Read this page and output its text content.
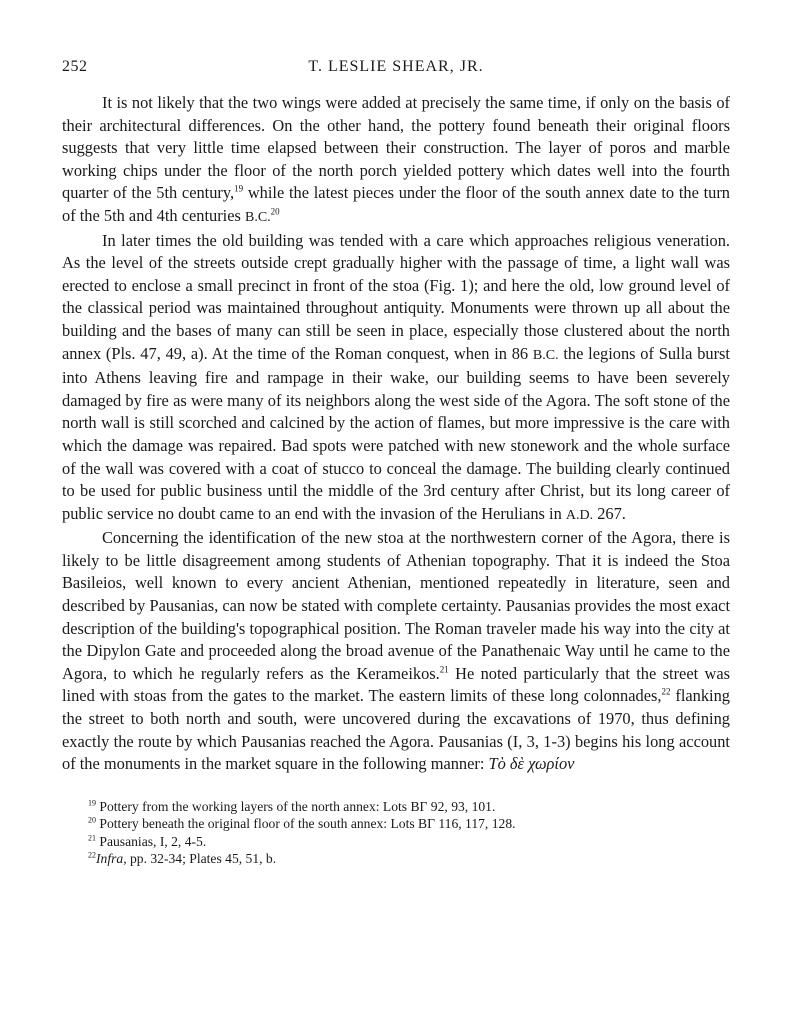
252	T. LESLIE SHEAR, JR.

It is not likely that the two wings were added at precisely the same time, if only on the basis of their architectural differences. On the other hand, the pottery found beneath their original floors suggests that very little time elapsed between their construction. The layer of poros and marble working chips under the floor of the north porch yielded pottery which dates well into the fourth quarter of the 5th century,$^{19}$ while the latest pieces under the floor of the south annex date to the turn of the 5th and 4th centuries B.C.$^{20}$

In later times the old building was tended with a care which approaches religious veneration. As the level of the streets outside crept gradually higher with the passage of time, a light wall was erected to enclose a small precinct in front of the stoa (Fig. 1); and here the old, low ground level of the classical period was maintained throughout antiquity. Monuments were thrown up all about the building and the bases of many can still be seen in place, especially those clustered about the north annex (Pls. 47, 49, a). At the time of the Roman conquest, when in 86 B.C. the legions of Sulla burst into Athens leaving fire and rampage in their wake, our building seems to have been severely damaged by fire as were many of its neighbors along the west side of the Agora. The soft stone of the north wall is still scorched and calcined by the action of flames, but more impressive is the care with which the damage was repaired. Bad spots were patched with new stonework and the whole surface of the wall was covered with a coat of stucco to conceal the damage. The building clearly continued to be used for public business until the middle of the 3rd century after Christ, but its long career of public service no doubt came to an end with the invasion of the Herulians in A.D. 267.

Concerning the identification of the new stoa at the northwestern corner of the Agora, there is likely to be little disagreement among students of Athenian topography. That it is indeed the Stoa Basileios, well known to every ancient Athenian, mentioned repeatedly in literature, seen and described by Pausanias, can now be stated with complete certainty. Pausanias provides the most exact description of the building's topographical position. The Roman traveler made his way into the city at the Dipylon Gate and proceeded along the broad avenue of the Panathenaic Way until he came to the Agora, to which he regularly refers as the Kerameikos.$^{21}$ He noted particularly that the street was lined with stoas from the gates to the market. The eastern limits of these long colonnades,$^{22}$ flanking the street to both north and south, were uncovered during the excavations of 1970, thus defining exactly the route by which Pausanias reached the Agora. Pausanias (I, 3, 1-3) begins his long account of the monuments in the market square in the following manner: Τὸ δὲ χωρίον

$^{19}$ Pottery from the working layers of the north annex: Lots ΒΓ 92, 93, 101.

$^{20}$ Pottery beneath the original floor of the south annex: Lots ΒΓ 116, 117, 128.

$^{21}$ Pausanias, I, 2, 4-5.

$^{22}$Infra, pp. 32-34; Plates 45, 51, b.
